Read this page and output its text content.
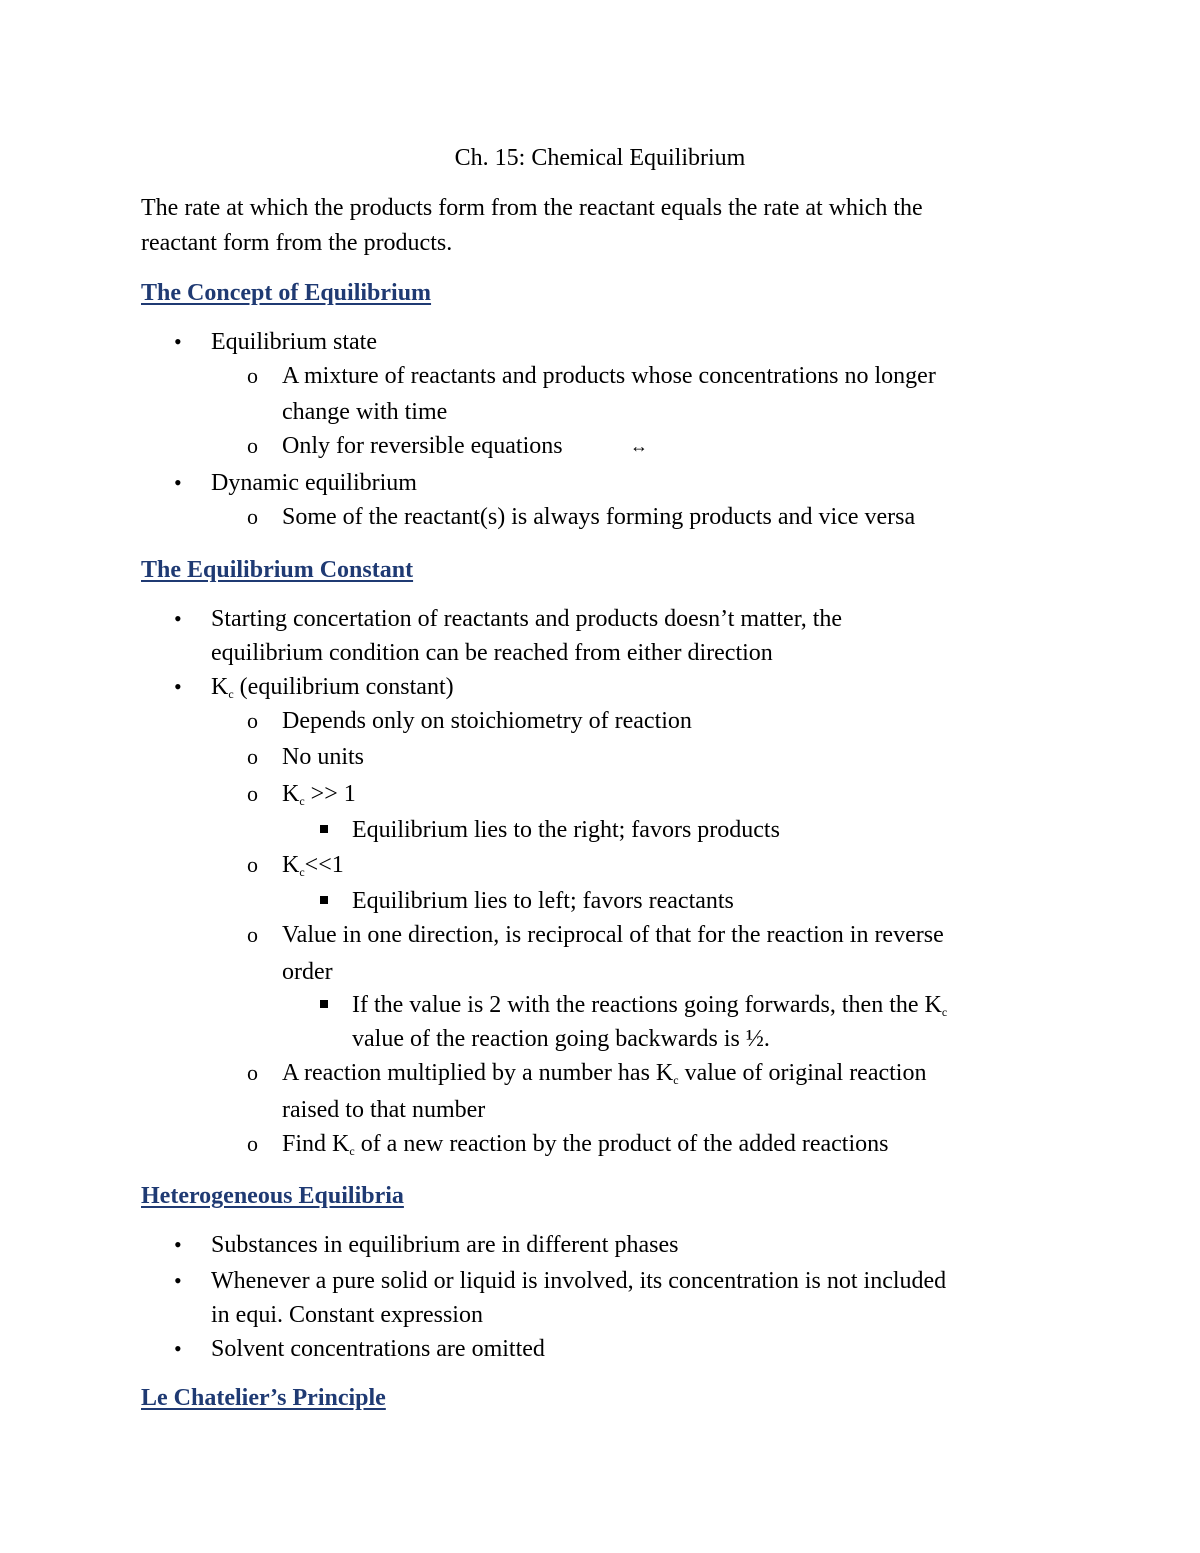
Ch. 15: Chemical Equilibrium
The rate at which the products form from the reactant equals the rate at which the
reactant form from the products.
The Concept of Equilibrium
• Equilibrium state
o A mixture of reactants and products whose concentrations no longer
change with time
o Only for reversible equations	↔
• Dynamic equilibrium
o Some of the reactant(s) is always forming products and vice versa
The Equilibrium Constant
• Starting concertation of reactants and products doesn’t matter, the
equilibrium condition can be reached from either direction
• $K_c$ (equilibrium constant)
o Depends only on stoichiometry of reaction
o No units
o $K_c >> 1$
Equilibrium lies to the right; favors products
o $K_c<<1$
Equilibrium lies to left; favors reactants
o Value in one direction, is reciprocal of that for the reaction in reverse
order
If the value is 2 with the reactions going forwards, then the $K_c$
value of the reaction going backwards is ½.
o A reaction multiplied by a number has $K_c$ value of original reaction
raised to that number
o Find $K_c$ of a new reaction by the product of the added reactions
Heterogeneous Equilibria
• Substances in equilibrium are in different phases
• Whenever a pure solid or liquid is involved, its concentration is not included
in equi. Constant expression
• Solvent concentrations are omitted
Le Chatelier’s Principle
